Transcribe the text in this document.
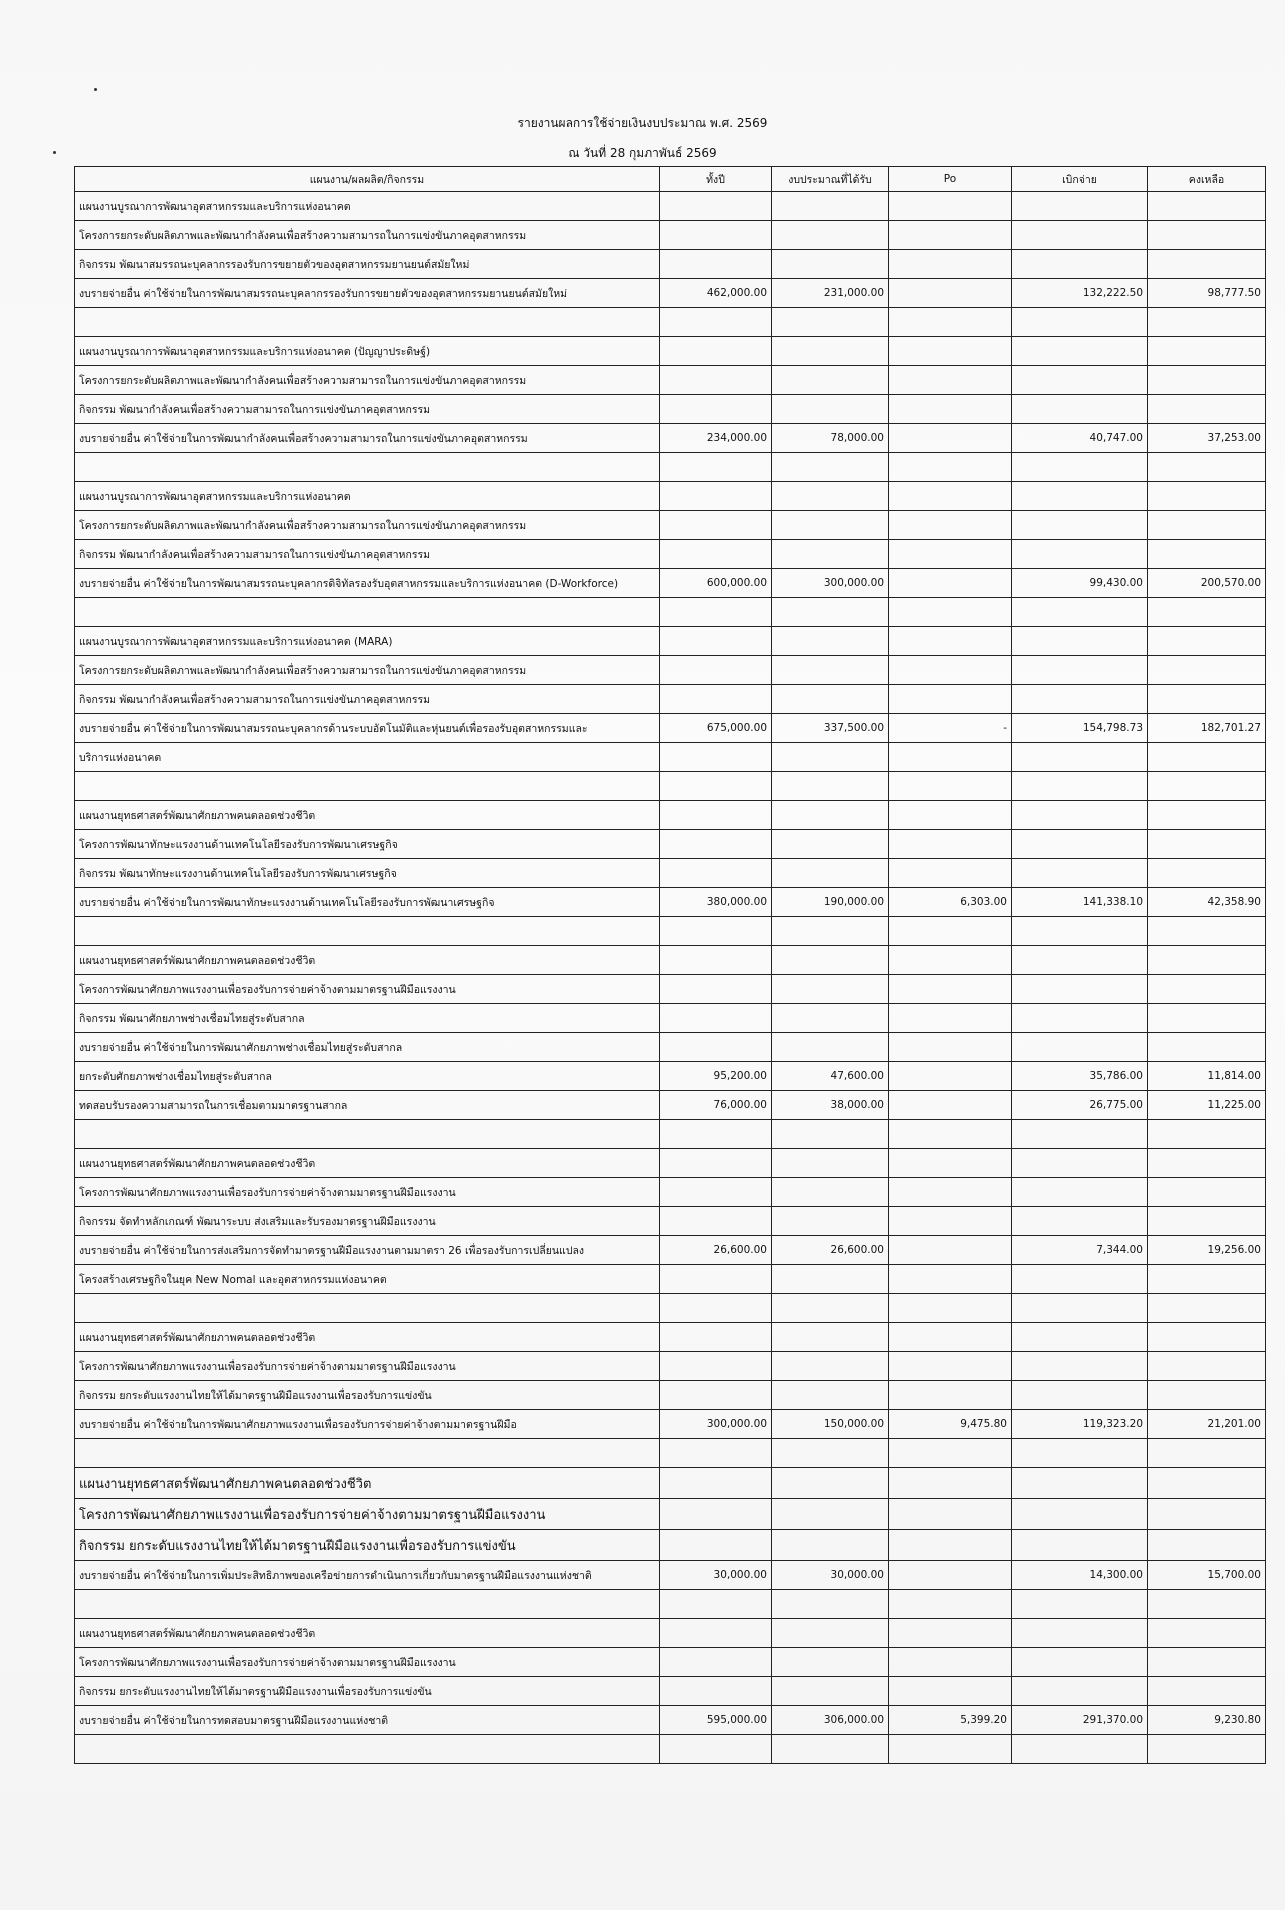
รายงานผลการใช้จ่ายเงินงบประมาณ พ.ศ. 2569
ณ วันที่ 28 กุมภาพันธ์ 2569
แผนงาน/ผลผลิต/กิจกรรม	ทั้งปี	งบประมาณที่ได้รับ	Po	เบิกจ่าย	คงเหลือ
แผนงานบูรณาการพัฒนาอุตสาหกรรมและบริการแห่งอนาคต					
โครงการยกระดับผลิตภาพและพัฒนากำลังคนเพื่อสร้างความสามารถในการแข่งขันภาคอุตสาหกรรม					
กิจกรรม พัฒนาสมรรถนะบุคลากรรองรับการขยายตัวของอุตสาหกรรมยานยนต์สมัยใหม่					
งบรายจ่ายอื่น ค่าใช้จ่ายในการพัฒนาสมรรถนะบุคลากรรองรับการขยายตัวของอุตสาหกรรมยานยนต์สมัยใหม่	462,000.00	231,000.00		132,222.50	98,777.50

แผนงานบูรณาการพัฒนาอุตสาหกรรมและบริการแห่งอนาคต (ปัญญาประดิษฐ์)					
โครงการยกระดับผลิตภาพและพัฒนากำลังคนเพื่อสร้างความสามารถในการแข่งขันภาคอุตสาหกรรม					
กิจกรรม พัฒนากำลังคนเพื่อสร้างความสามารถในการแข่งขันภาคอุตสาหกรรม					
งบรายจ่ายอื่น ค่าใช้จ่ายในการพัฒนากำลังคนเพื่อสร้างความสามารถในการแข่งขันภาคอุตสาหกรรม	234,000.00	78,000.00		40,747.00	37,253.00

แผนงานบูรณาการพัฒนาอุตสาหกรรมและบริการแห่งอนาคต					
โครงการยกระดับผลิตภาพและพัฒนากำลังคนเพื่อสร้างความสามารถในการแข่งขันภาคอุตสาหกรรม					
กิจกรรม พัฒนากำลังคนเพื่อสร้างความสามารถในการแข่งขันภาคอุตสาหกรรม					
งบรายจ่ายอื่น ค่าใช้จ่ายในการพัฒนาสมรรถนะบุคลากรดิจิทัลรองรับอุตสาหกรรมและบริการแห่งอนาคต (D-Workforce)	600,000.00	300,000.00		99,430.00	200,570.00

แผนงานบูรณาการพัฒนาอุตสาหกรรมและบริการแห่งอนาคต (MARA)					
โครงการยกระดับผลิตภาพและพัฒนากำลังคนเพื่อสร้างความสามารถในการแข่งขันภาคอุตสาหกรรม					
กิจกรรม พัฒนากำลังคนเพื่อสร้างความสามารถในการแข่งขันภาคอุตสาหกรรม					
งบรายจ่ายอื่น ค่าใช้จ่ายในการพัฒนาสมรรถนะบุคลากรด้านระบบอัตโนมัติและหุ่นยนต์เพื่อรองรับอุตสาหกรรมและ	675,000.00	337,500.00	-	154,798.73	182,701.27
บริการแห่งอนาคต					

แผนงานยุทธศาสตร์พัฒนาศักยภาพคนตลอดช่วงชีวิต					
โครงการพัฒนาทักษะแรงงานด้านเทคโนโลยีรองรับการพัฒนาเศรษฐกิจ					
กิจกรรม พัฒนาทักษะแรงงานด้านเทคโนโลยีรองรับการพัฒนาเศรษฐกิจ					
งบรายจ่ายอื่น ค่าใช้จ่ายในการพัฒนาทักษะแรงงานด้านเทคโนโลยีรองรับการพัฒนาเศรษฐกิจ	380,000.00	190,000.00	6,303.00	141,338.10	42,358.90

แผนงานยุทธศาสตร์พัฒนาศักยภาพคนตลอดช่วงชีวิต					
โครงการพัฒนาศักยภาพแรงงานเพื่อรองรับการจ่ายค่าจ้างตามมาตรฐานฝีมือแรงงาน					
กิจกรรม พัฒนาศักยภาพช่างเชื่อมไทยสู่ระดับสากล					
งบรายจ่ายอื่น ค่าใช้จ่ายในการพัฒนาศักยภาพช่างเชื่อมไทยสู่ระดับสากล					
ยกระดับศักยภาพช่างเชื่อมไทยสู่ระดับสากล	95,200.00	47,600.00		35,786.00	11,814.00
ทดสอบรับรองความสามารถในการเชื่อมตามมาตรฐานสากล	76,000.00	38,000.00		26,775.00	11,225.00

แผนงานยุทธศาสตร์พัฒนาศักยภาพคนตลอดช่วงชีวิต					
โครงการพัฒนาศักยภาพแรงงานเพื่อรองรับการจ่ายค่าจ้างตามมาตรฐานฝีมือแรงงาน					
กิจกรรม จัดทำหลักเกณฑ์ พัฒนาระบบ ส่งเสริมและรับรองมาตรฐานฝีมือแรงงาน					
งบรายจ่ายอื่น ค่าใช้จ่ายในการส่งเสริมการจัดทำมาตรฐานฝีมือแรงงานตามมาตรา 26 เพื่อรองรับการเปลี่ยนแปลง	26,600.00	26,600.00		7,344.00	19,256.00
โครงสร้างเศรษฐกิจในยุค New Nomal และอุตสาหกรรมแห่งอนาคต					

แผนงานยุทธศาสตร์พัฒนาศักยภาพคนตลอดช่วงชีวิต					
โครงการพัฒนาศักยภาพแรงงานเพื่อรองรับการจ่ายค่าจ้างตามมาตรฐานฝีมือแรงงาน					
กิจกรรม ยกระดับแรงงานไทยให้ได้มาตรฐานฝีมือแรงงานเพื่อรองรับการแข่งขัน					
งบรายจ่ายอื่น ค่าใช้จ่ายในการพัฒนาศักยภาพแรงงานเพื่อรองรับการจ่ายค่าจ้างตามมาตรฐานฝีมือ	300,000.00	150,000.00	9,475.80	119,323.20	21,201.00

แผนงานยุทธศาสตร์พัฒนาศักยภาพคนตลอดช่วงชีวิต					
โครงการพัฒนาศักยภาพแรงงานเพื่อรองรับการจ่ายค่าจ้างตามมาตรฐานฝีมือแรงงาน					
กิจกรรม ยกระดับแรงงานไทยให้ได้มาตรฐานฝีมือแรงงานเพื่อรองรับการแข่งขัน					
งบรายจ่ายอื่น ค่าใช้จ่ายในการเพิ่มประสิทธิภาพของเครือข่ายการดำเนินการเกี่ยวกับมาตรฐานฝีมือแรงงานแห่งชาติ	30,000.00	30,000.00		14,300.00	15,700.00

แผนงานยุทธศาสตร์พัฒนาศักยภาพคนตลอดช่วงชีวิต					
โครงการพัฒนาศักยภาพแรงงานเพื่อรองรับการจ่ายค่าจ้างตามมาตรฐานฝีมือแรงงาน					
กิจกรรม ยกระดับแรงงานไทยให้ได้มาตรฐานฝีมือแรงงานเพื่อรองรับการแข่งขัน					
งบรายจ่ายอื่น ค่าใช้จ่ายในการทดสอบมาตรฐานฝีมือแรงงานแห่งชาติ	595,000.00	306,000.00	5,399.20	291,370.00	9,230.80
